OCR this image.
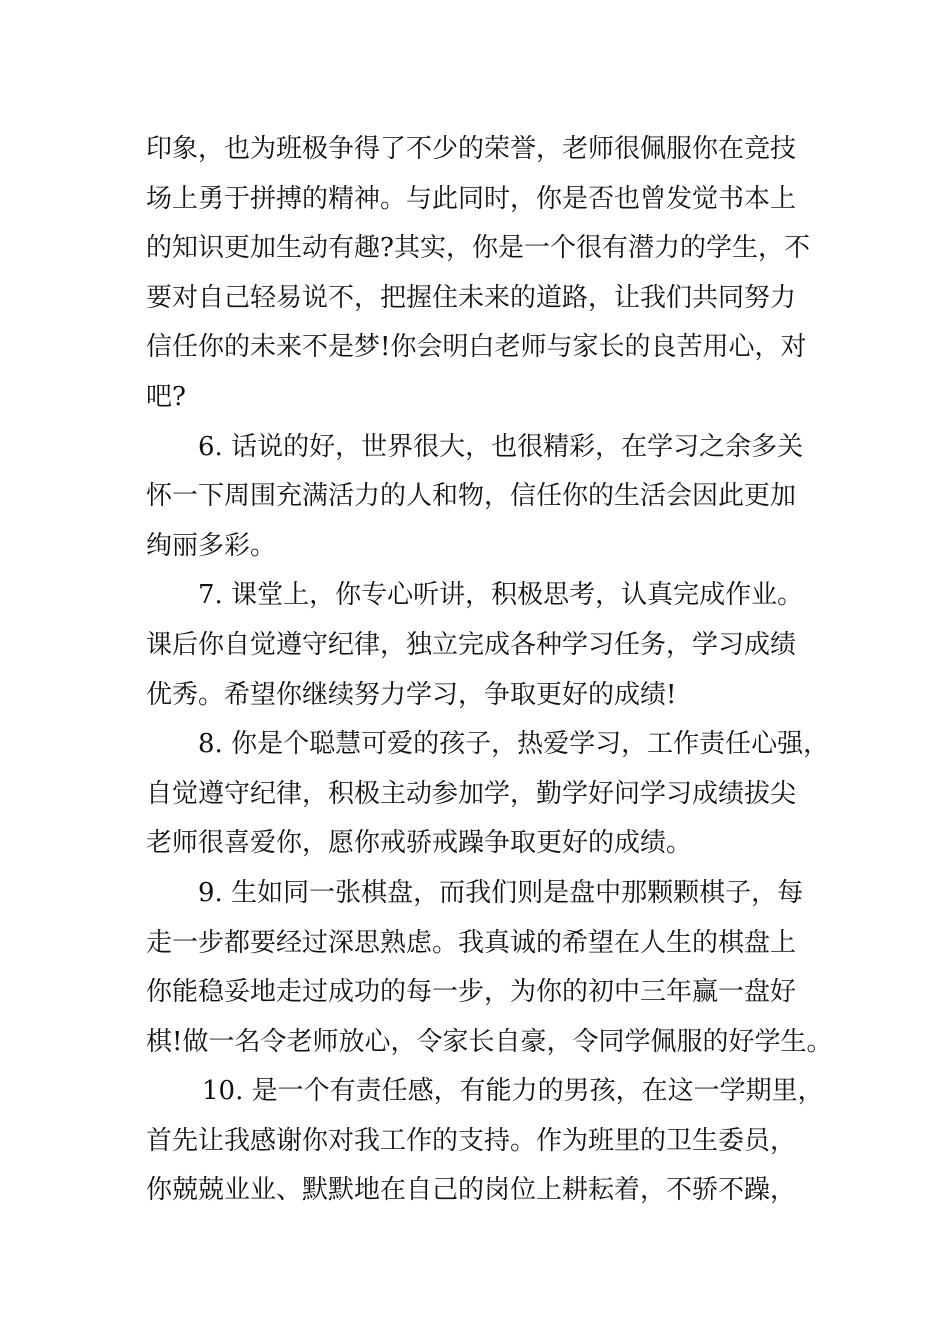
印象，也为班极争得了不少的荣誉，老师很佩服你在竞技
场上勇于拼搏的精神。与此同时，你是否也曾发觉书本上
的知识更加生动有趣?其实，你是一个很有潜力的学生，不
要对自己轻易说不，把握住未来的道路，让我们共同努力
信任你的未来不是梦!你会明白老师与家长的良苦用心，对
吧?
6. 话说的好，世界很大，也很精彩，在学习之余多关
怀一下周围充满活力的人和物，信任你的生活会因此更加
绚丽多彩。
7. 课堂上，你专心听讲，积极思考，认真完成作业。
课后你自觉遵守纪律，独立完成各种学习任务，学习成绩
优秀。希望你继续努力学习，争取更好的成绩!
8. 你是个聪慧可爱的孩子，热爱学习，工作责任心强，
自觉遵守纪律，积极主动参加学，勤学好问学习成绩拔尖
老师很喜爱你，愿你戒骄戒躁争取更好的成绩。
9. 生如同一张棋盘，而我们则是盘中那颗颗棋子，每
走一步都要经过深思熟虑。我真诚的希望在人生的棋盘上
你能稳妥地走过成功的每一步，为你的初中三年赢一盘好
棋!做一名令老师放心，令家长自豪，令同学佩服的好学生。
10. 是一个有责任感，有能力的男孩，在这一学期里，
首先让我感谢你对我工作的支持。作为班里的卫生委员，
你兢兢业业、默默地在自己的岗位上耕耘着，不骄不躁，
